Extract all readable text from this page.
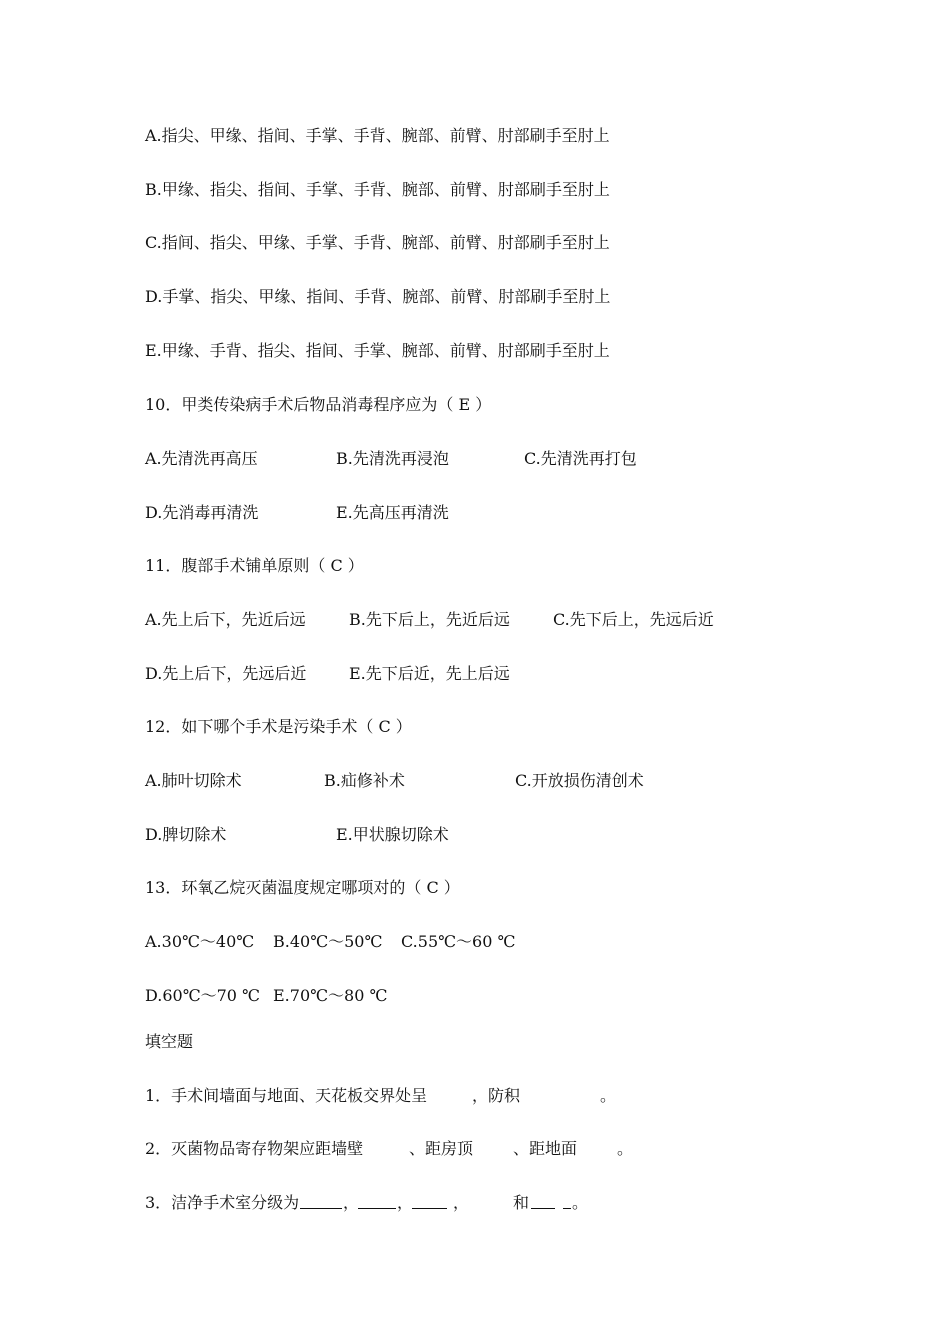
A.指尖、甲缘、指间、手掌、手背、腕部、前臂、肘部刷手至肘上
B.甲缘、指尖、指间、手掌、手背、腕部、前臂、肘部刷手至肘上
C.指间、指尖、甲缘、手掌、手背、腕部、前臂、肘部刷手至肘上
D.手掌、指尖、甲缘、指间、手背、腕部、前臂、肘部刷手至肘上
E.甲缘、手背、指尖、指间、手掌、腕部、前臂、肘部刷手至肘上
10．甲类传染病手术后物品消毒程序应为（ E ）
A.先清洗再高压	B.先清洗再浸泡	C.先清洗再打包
D.先消毒再清洗	E.先高压再清洗
11．腹部手术铺单原则（ C ）
A.先上后下，先近后远	B.先下后上，先近后远	C.先下后上，先远后近
D.先上后下，先远后近	E.先下后近，先上后远
12．如下哪个手术是污染手术（ C ）
A.肺叶切除术	B.疝修补术	C.开放损伤清创术
D.脾切除术	E.甲状腺切除术
13．环氧乙烷灭菌温度规定哪项对的（ C ）
A.30℃～40℃ B.40℃～50℃ C.55℃～60 ℃
D.60℃～70 ℃ E.70℃～80 ℃
填空题
1．手术间墙面与地面、天花板交界处呈	，防积	。
2．灭菌物品寄存物架应距墙壁	、距房顶 、距地面 。
3．洁净手术室分级为	， ， ，	和	。
